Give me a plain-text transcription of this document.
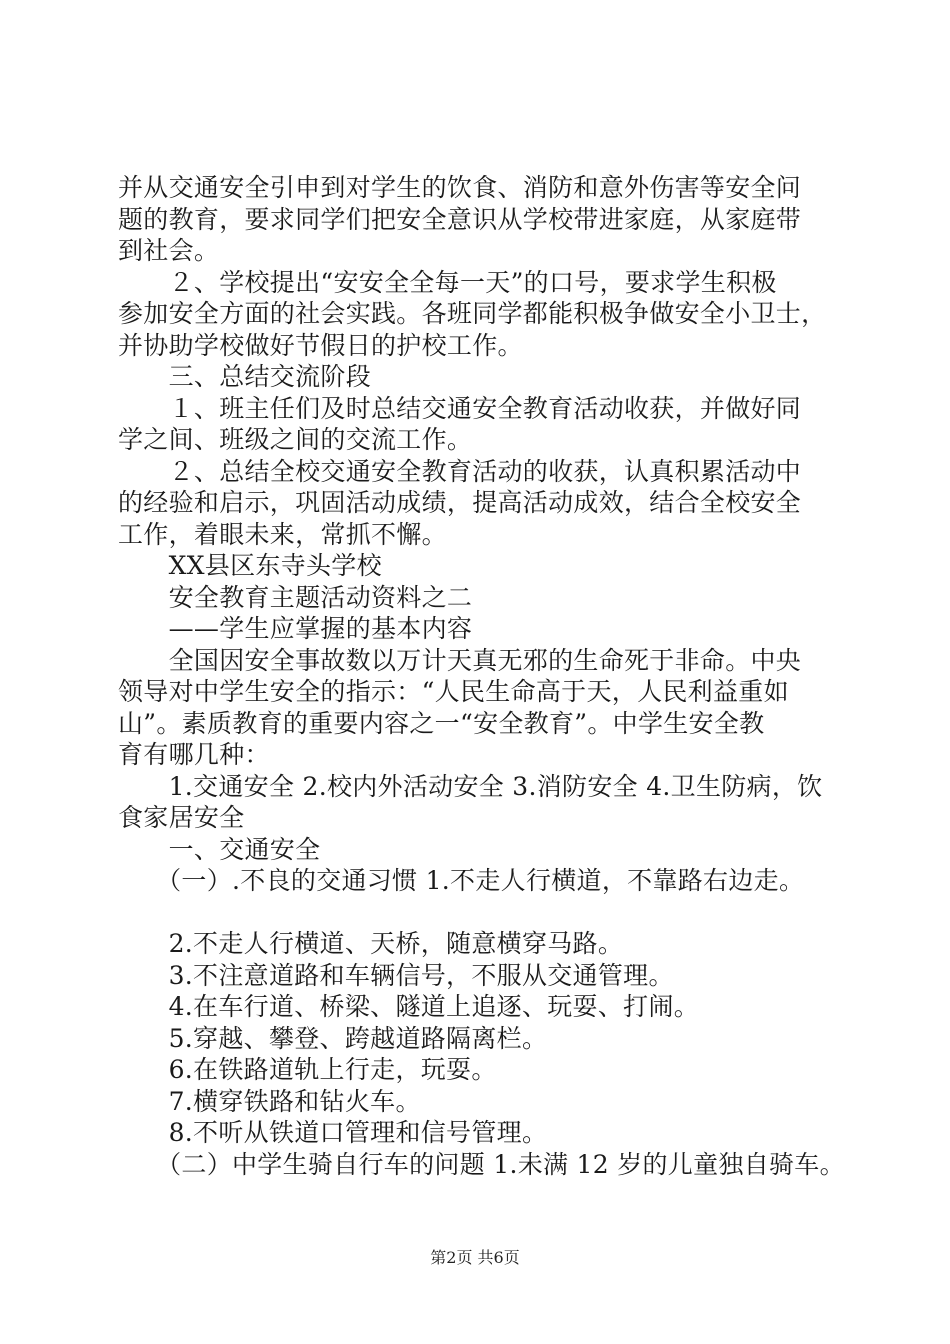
并从交通安全引申到对学生的饮食、消防和意外伤害等安全问
题的教育，要求同学们把安全意识从学校带进家庭，从家庭带
到社会。
　　２、学校提出“安安全全每一天”的口号，要求学生积极
参加安全方面的社会实践。各班同学都能积极争做安全小卫士，
并协助学校做好节假日的护校工作。
　　三、总结交流阶段
　　１、班主任们及时总结交通安全教育活动收获，并做好同
学之间、班级之间的交流工作。
　　２、总结全校交通安全教育活动的收获，认真积累活动中
的经验和启示，巩固活动成绩，提高活动成效，结合全校安全
工作，着眼未来，常抓不懈。
　　XX县区东寺头学校
　　安全教育主题活动资料之二
　　——学生应掌握的基本内容
　　全国因安全事故数以万计天真无邪的生命死于非命。中央
领导对中学生安全的指示：“人民生命高于天，人民利益重如
山”。素质教育的重要内容之一“安全教育”。中学生安全教
育有哪几种：
　　1.交通安全 2.校内外活动安全 3.消防安全 4.卫生防病，饮
食家居安全
　　一、交通安全
　　（一）.不良的交通习惯 1.不走人行横道，不靠路右边走。
　　2.不走人行横道、天桥，随意横穿马路。
　　3.不注意道路和车辆信号，不服从交通管理。
　　4.在车行道、桥梁、隧道上追逐、玩耍、打闹。
　　5.穿越、攀登、跨越道路隔离栏。
　　6.在铁路道轨上行走，玩耍。
　　7.横穿铁路和钻火车。
　　8.不听从铁道口管理和信号管理。
　　（二）中学生骑自行车的问题 1.未满 12 岁的儿童独自骑车。
第2页 共6页
